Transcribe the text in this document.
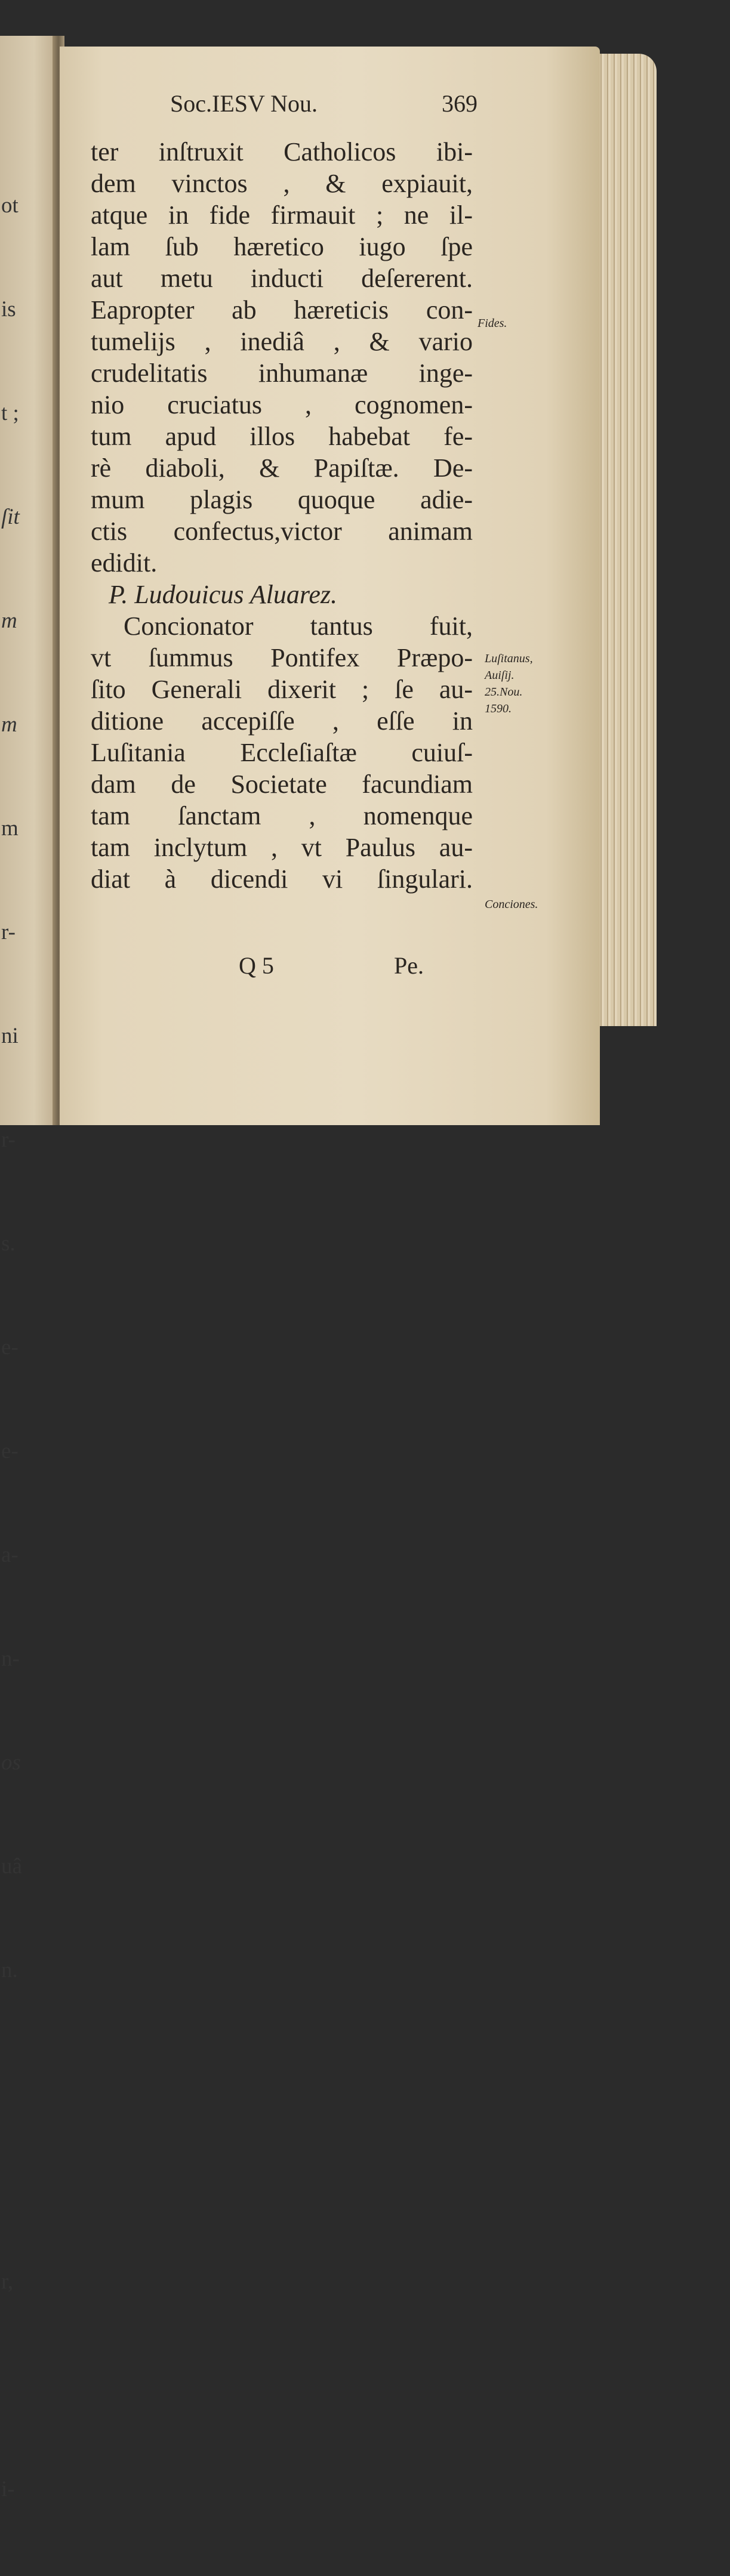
ot

is

t ;

ſit

m

m

m

r-

ni

r-

s.

e-

e-

a-

n-

os

uâ

n.

r,

i-

Soc.IESV Nou.	369
ter inſtruxit Catholicos ibi-
dem vinctos , & expiauit,
atque in fide firmauit ; ne il-
lam ſub hæretico iugo ſpe
aut metu inducti deſererent.
Eapropter ab hæreticis con-
tumelijs , inediâ , & vario
crudelitatis inhumanæ inge-
nio cruciatus , cognomen-
tum apud illos habebat fe-
rè diaboli, & Papiſtæ. De-
mum plagis quoque adie-
ctis confectus,victor animam
edidit.
P. Ludouicus Aluarez.
Concionator tantus fuit,
vt ſummus Pontifex Præpo-
ſito Generali dixerit ; ſe au-
ditione accepiſſe , eſſe in
Luſitania Eccleſiaſtæ cuiuſ-
dam de Societate facundiam
tam ſanctam , nomenque
tam inclytum , vt Paulus au-
diat à dicendi vi ſingulari.
Fides.
Luſitanus,
Auiſij.
25.Nou.
1590.
Conciones.
Q 5	Pe.
